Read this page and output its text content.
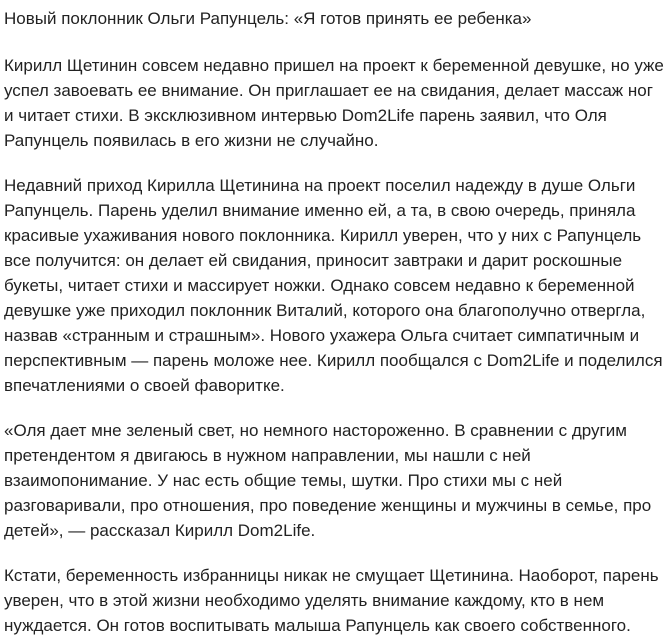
Новый поклонник Ольги Рапунцель: «Я готов принять ее ребенка»

Кирилл Щетинин совсем недавно пришел на проект к беременной девушке, но уже успел завоевать ее внимание. Он приглашает ее на свидания, делает массаж ног и читает стихи. В эксклюзивном интервью Dom2Life парень заявил, что Оля Рапунцель появилась в его жизни не случайно.

Недавний приход Кирилла Щетинина на проект поселил надежду в душе Ольги Рапунцель. Парень уделил внимание именно ей, а та, в свою очередь, приняла красивые ухаживания нового поклонника. Кирилл уверен, что у них с Рапунцель все получится: он делает ей свидания, приносит завтраки и дарит роскошные букеты, читает стихи и массирует ножки. Однако совсем недавно к беременной девушке уже приходил поклонник Виталий, которого она благополучно отвергла, назвав «странным и страшным». Нового ухажера Ольга считает симпатичным и перспективным — парень моложе нее. Кирилл пообщался с Dom2Life и поделился впечатлениями о своей фаворитке.

«Оля дает мне зеленый свет, но немного настороженно. В сравнении с другим претендентом я двигаюсь в нужном направлении, мы нашли с ней взаимопонимание. У нас есть общие темы, шутки. Про стихи мы с ней разговаривали, про отношения, про поведение женщины и мужчины в семье, про детей», — рассказал Кирилл Dom2Life.

Кстати, беременность избранницы никак не смущает Щетинина. Наоборот, парень уверен, что в этой жизни необходимо уделять внимание каждому, кто в нем нуждается. Он готов воспитывать малыша Рапунцель как своего собственного.
